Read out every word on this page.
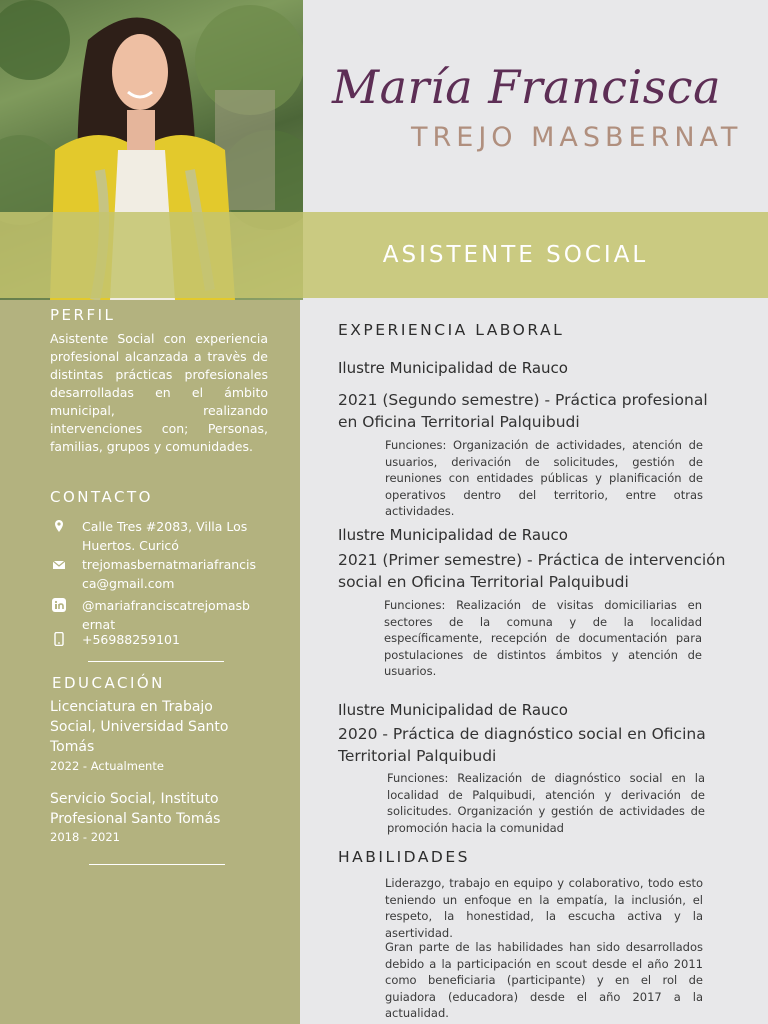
ASISTENTE SOCIAL
María Francisca
TREJO MASBERNAT
PERFIL
Asistente Social con experiencia profesional alcanzada a travès de distintas prácticas profesionales desarrolladas en el ámbito municipal, realizando intervenciones con; Personas, familias, grupos y comunidades.
CONTACTO
Calle Tres #2083, Villa Los Huertos. Curicó
trejomasbernatmariafrancisca@gmail.com
@mariafranciscatrejomasbernat
+56988259101
EDUCACIÓN
Licenciatura en Trabajo Social, Universidad Santo Tomás
2022 - Actualmente
Servicio Social, Instituto Profesional Santo Tomás
2018 - 2021
EXPERIENCIA LABORAL
Ilustre Municipalidad de Rauco
2021 (Segundo semestre) - Práctica profesional en Oficina Territorial Palquibudi
Funciones: Organización de actividades, atención de usuarios, derivación de solicitudes, gestión de reuniones con entidades públicas y planificación de operativos dentro del territorio, entre otras actividades.
Ilustre Municipalidad de Rauco
2021 (Primer semestre) - Práctica de intervención social en Oficina Territorial Palquibudi
Funciones: Realización de visitas domiciliarias en sectores de la comuna y de la localidad específicamente, recepción de documentación para postulaciones de distintos ámbitos y atención de usuarios.
Ilustre Municipalidad de Rauco
2020 - Práctica de diagnóstico social en Oficina Territorial Palquibudi
Funciones: Realización de diagnóstico social en la localidad de Palquibudi, atención y derivación de solicitudes. Organización y gestión de actividades de promoción hacia la comunidad
HABILIDADES
Liderazgo, trabajo en equipo y colaborativo, todo esto teniendo un enfoque en la empatía, la inclusión, el respeto, la honestidad, la escucha activa y la asertividad.
Gran parte de las habilidades han sido desarrollados debido a la participación en scout desde el año 2011 como beneficiaria (participante) y en el rol de guiadora (educadora) desde el año 2017 a la actualidad.
